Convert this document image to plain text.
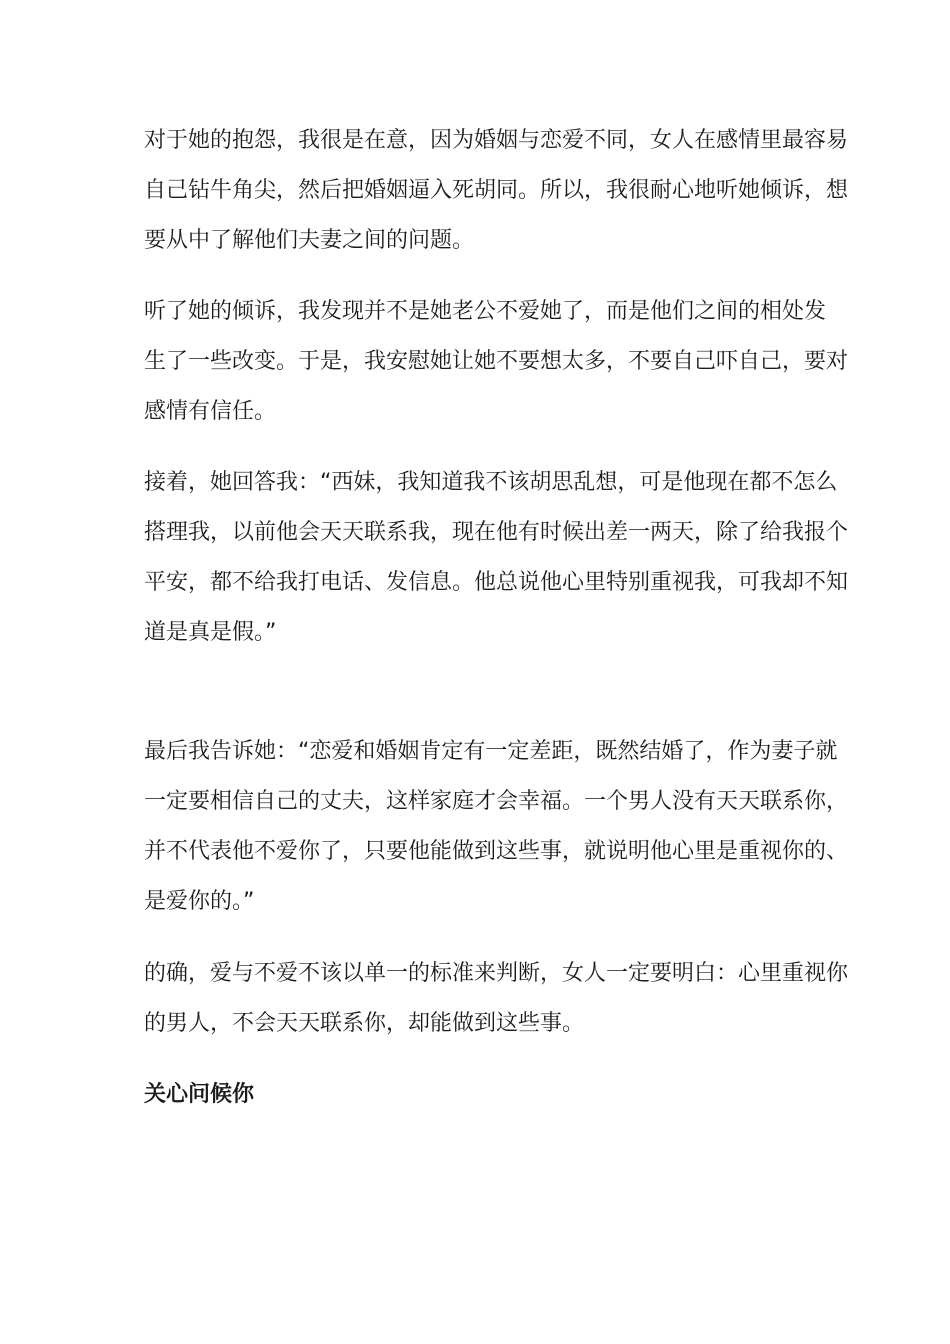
对于她的抱怨，我很是在意，因为婚姻与恋爱不同，女人在感情里最容易
自己钻牛角尖，然后把婚姻逼入死胡同。所以，我很耐心地听她倾诉，想
要从中了解他们夫妻之间的问题。
听了她的倾诉，我发现并不是她老公不爱她了，而是他们之间的相处发
生了一些改变。于是，我安慰她让她不要想太多，不要自己吓自己，要对
感情有信任。
接着，她回答我：“西妹，我知道我不该胡思乱想，可是他现在都不怎么
搭理我，以前他会天天联系我，现在他有时候出差一两天，除了给我报个
平安，都不给我打电话、发信息。他总说他心里特别重视我，可我却不知
道是真是假。”
最后我告诉她：“恋爱和婚姻肯定有一定差距，既然结婚了，作为妻子就
一定要相信自己的丈夫，这样家庭才会幸福。一个男人没有天天联系你，
并不代表他不爱你了，只要他能做到这些事，就说明他心里是重视你的、
是爱你的。”
的确，爱与不爱不该以单一的标准来判断，女人一定要明白：心里重视你
的男人，不会天天联系你，却能做到这些事。
关心问候你
